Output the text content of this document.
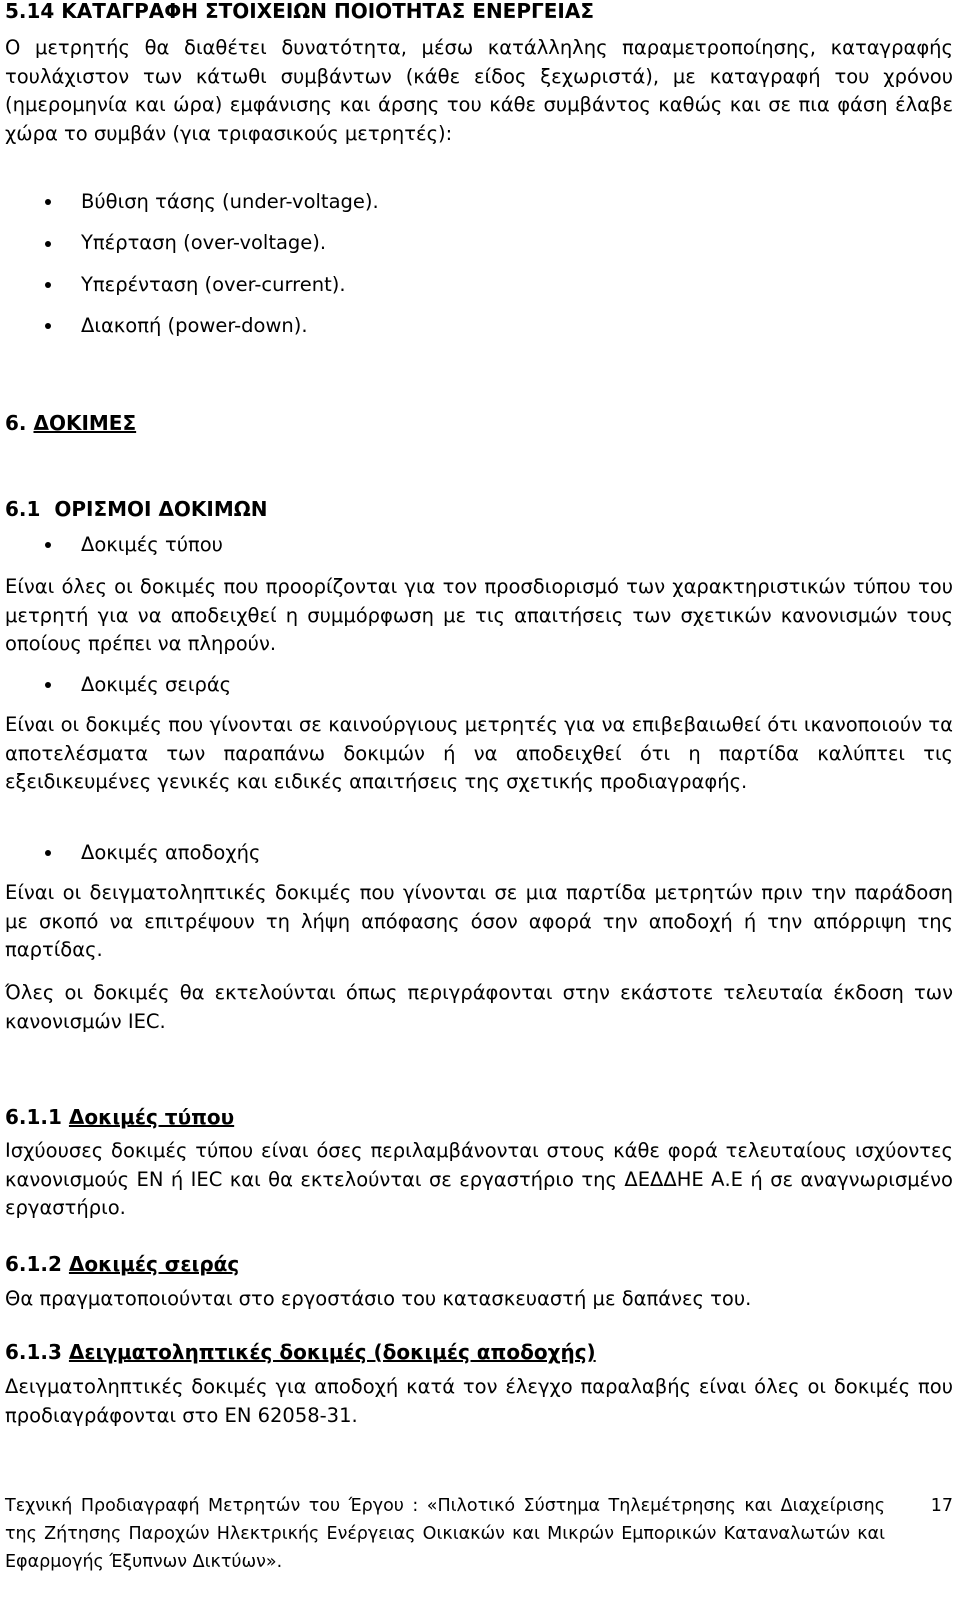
5.14 ΚΑΤΑΓΡΑΦΗ ΣΤΟΙΧΕΙΩΝ ΠΟΙΟΤΗΤΑΣ ΕΝΕΡΓΕΙΑΣ

Ο μετρητής θα διαθέτει δυνατότητα, μέσω κατάλληλης παραμετροποίησης, καταγραφής τουλάχιστον των κάτωθι συμβάντων (κάθε είδος ξεχωριστά), με καταγραφή του χρόνου (ημερομηνία και ώρα) εμφάνισης και άρσης του κάθε συμβάντος καθώς και σε πια φάση έλαβε χώρα το συμβάν (για τριφασικούς μετρητές):

Βύθιση τάσης (under-voltage).
Υπέρταση (over-voltage).
Υπερένταση (over-current).
Διακοπή (power-down).
6. ΔΟΚΙΜΕΣ
6.1 ΟΡΙΣΜΟΙ ΔΟΚΙΜΩΝ
Δοκιμές τύπου

Είναι όλες οι δοκιμές που προορίζονται για τον προσδιορισμό των χαρακτηριστικών τύπου του μετρητή για να αποδειχθεί η συμμόρφωση με τις απαιτήσεις των σχετικών κανονισμών τους οποίους πρέπει να πληρούν.

Δοκιμές σειράς

Είναι οι δοκιμές που γίνονται σε καινούργιους μετρητές για να επιβεβαιωθεί ότι ικανοποιούν τα αποτελέσματα των παραπάνω δοκιμών ή να αποδειχθεί ότι η παρτίδα καλύπτει τις εξειδικευμένες γενικές και ειδικές απαιτήσεις της σχετικής προδιαγραφής.

Δοκιμές αποδοχής

Είναι οι δειγματοληπτικές δοκιμές που γίνονται σε μια παρτίδα μετρητών πριν την παράδοση με σκοπό να επιτρέψουν τη λήψη απόφασης όσον αφορά την αποδοχή ή την απόρριψη της παρτίδας.

Όλες οι δοκιμές θα εκτελούνται όπως περιγράφονται στην εκάστοτε τελευταία έκδοση των κανονισμών IEC.

6.1.1 Δοκιμές τύπου

Ισχύουσες δοκιμές τύπου είναι όσες περιλαμβάνονται στους κάθε φορά τελευταίους ισχύοντες κανονισμούς EN ή IEC και θα εκτελούνται σε εργαστήριο της ΔΕΔΔΗΕ Α.Ε ή σε αναγνωρισμένο εργαστήριο.

6.1.2 Δοκιμές σειράς

Θα πραγματοποιούνται στο εργοστάσιο του κατασκευαστή με δαπάνες του.

6.1.3 Δειγματοληπτικές δοκιμές (δοκιμές αποδοχής)

Δειγματοληπτικές δοκιμές για αποδοχή κατά τον έλεγχο παραλαβής είναι όλες οι δοκιμές που προδιαγράφονται στο EN 62058-31.

Τεχνική Προδιαγραφή Μετρητών του Έργου : «Πιλοτικό Σύστημα Τηλεμέτρησης και Διαχείρισης της Ζήτησης Παροχών Ηλεκτρικής Ενέργειας Οικιακών και Μικρών Εμπορικών Καταναλωτών και Εφαρμογής Έξυπνων Δικτύων».
17
